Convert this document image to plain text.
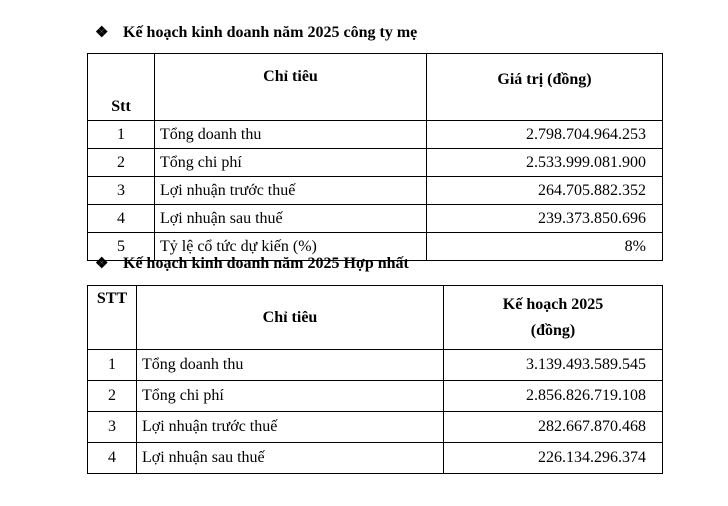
❖ Kế hoạch kinh doanh năm 2025 công ty mẹ
Stt	Chỉ tiêu	Giá trị (đồng)
1	Tổng doanh thu	2.798.704.964.253
2	Tổng chi phí	2.533.999.081.900
3	Lợi nhuận trước thuế	264.705.882.352
4	Lợi nhuận sau thuế	239.373.850.696
5	Tỷ lệ cổ tức dự kiến (%)	8%
❖ Kế hoạch kinh doanh năm 2025 Hợp nhất
STT	Chỉ tiêu	Kế hoạch 2025
(đồng)

1	Tổng doanh thu	3.139.493.589.545
2	Tổng chi phí	2.856.826.719.108
3	Lợi nhuận trước thuế	282.667.870.468
4	Lợi nhuận sau thuế	226.134.296.374
